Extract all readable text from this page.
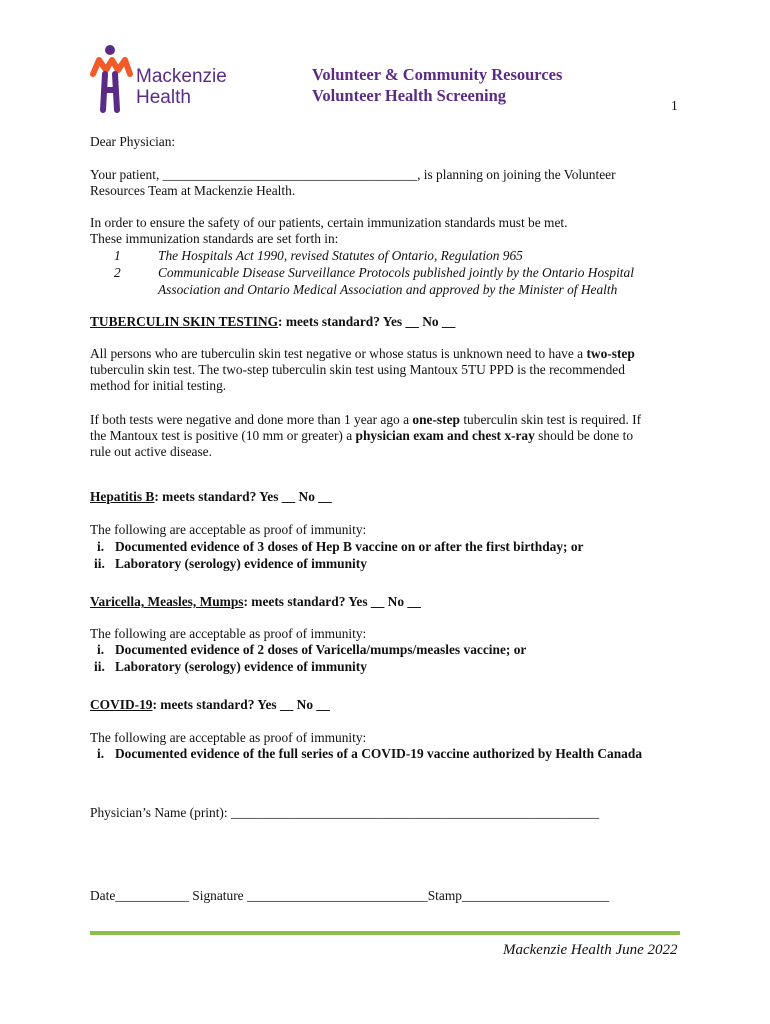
Mackenzie
Health
Volunteer & Community Resources
Volunteer Health Screening
1
Dear Physician:
Your patient, ______________________________________, is planning on joining the Volunteer
Resources Team at Mackenzie Health.
In order to ensure the safety of our patients, certain immunization standards must be met.
These immunization standards are set forth in:
1	The Hospitals Act 1990, revised Statutes of Ontario, Regulation 965
2	Communicable Disease Surveillance Protocols published jointly by the Ontario Hospital
Association and Ontario Medical Association and approved by the Minister of Health
TUBERCULIN SKIN TESTING: meets standard? Yes __ No __
All persons who are tuberculin skin test negative or whose status is unknown need to have a two-step
tuberculin skin test. The two-step tuberculin skin test using Mantoux 5TU PPD is the recommended
method for initial testing.
If both tests were negative and done more than 1 year ago a one-step tuberculin skin test is required. If
the Mantoux test is positive (10 mm or greater) a physician exam and chest x-ray should be done to
rule out active disease.
Hepatitis B: meets standard? Yes __ No __
The following are acceptable as proof of immunity:
i. Documented evidence of 3 doses of Hep B vaccine on or after the first birthday; or
ii. Laboratory (serology) evidence of immunity
Varicella, Measles, Mumps: meets standard? Yes __ No __
The following are acceptable as proof of immunity:
i. Documented evidence of 2 doses of Varicella/mumps/measles vaccine; or
ii. Laboratory (serology) evidence of immunity
COVID-19: meets standard? Yes __ No __
The following are acceptable as proof of immunity:
i. Documented evidence of the full series of a COVID-19 vaccine authorized by Health Canada
Physician’s Name (print): _______________________________________________________
Date___________ Signature ___________________________Stamp______________________
Mackenzie Health June 2022
